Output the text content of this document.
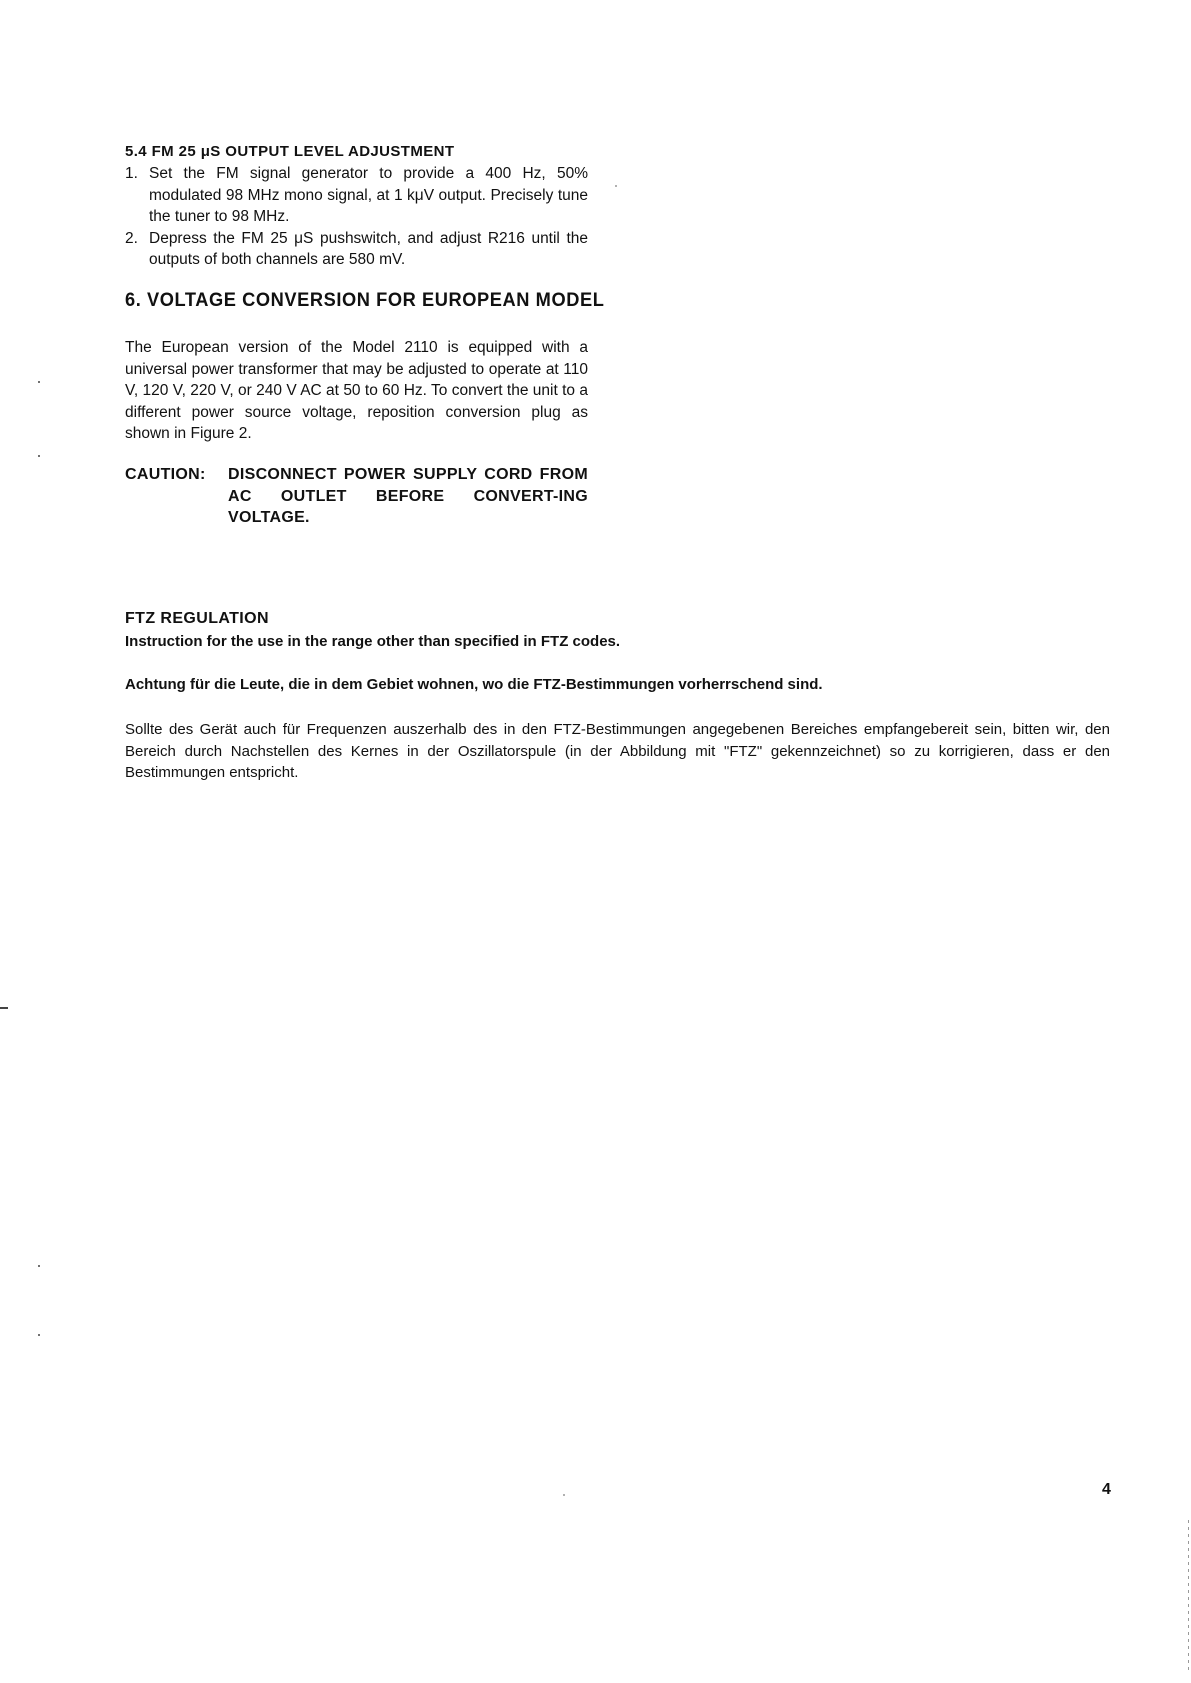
5.4 FM 25 μS OUTPUT LEVEL ADJUSTMENT
1. Set the FM signal generator to provide a 400 Hz, 50% modulated 98 MHz mono signal, at 1 kμV output. Precisely tune the tuner to 98 MHz.
2. Depress the FM 25 μS pushswitch, and adjust R216 until the outputs of both channels are 580 mV.
6. VOLTAGE CONVERSION FOR EUROPEAN MODEL
The European version of the Model 2110 is equipped with a universal power transformer that may be adjusted to operate at 110 V, 120 V, 220 V, or 240 V AC at 50 to 60 Hz. To convert the unit to a different power source voltage, reposition conversion plug as shown in Figure 2.
CAUTION:	DISCONNECT POWER SUPPLY CORD FROM AC OUTLET BEFORE CONVERT-ING VOLTAGE.
FTZ REGULATION
Instruction for the use in the range other than specified in FTZ codes.
Achtung für die Leute, die in dem Gebiet wohnen, wo die FTZ-Bestimmungen vorherrschend sind.
Sollte des Gerät auch für Frequenzen auszerhalb des in den FTZ-Bestimmungen angegebenen Bereiches empfangebereit sein, bitten wir, den Bereich durch Nachstellen des Kernes in der Oszillatorspule (in der Abbildung mit "FTZ" gekennzeichnet) so zu korrigieren, dass er den Bestimmungen entspricht.
4
